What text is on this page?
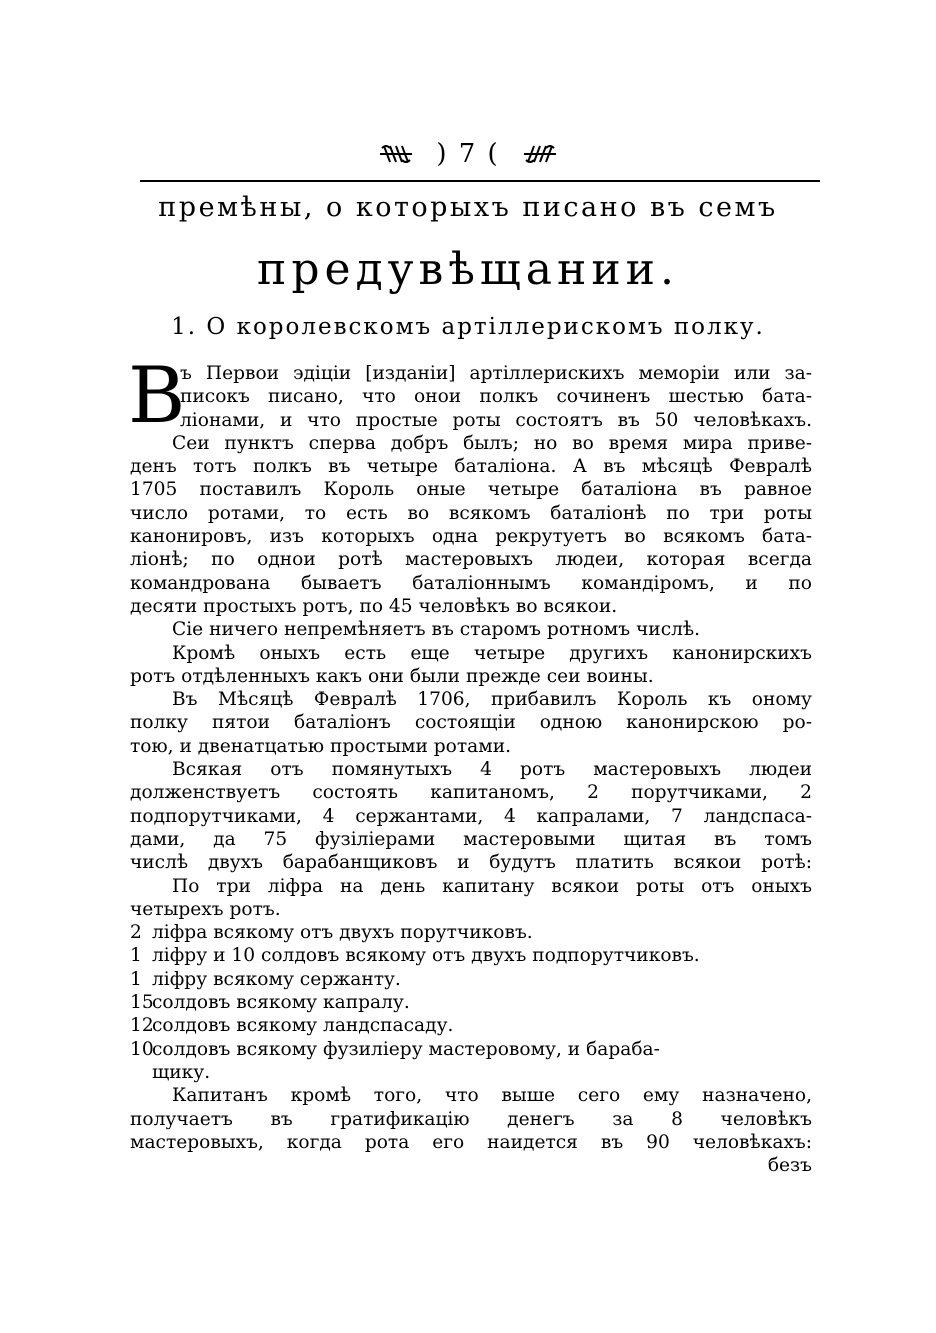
) 7 (
премѣны, о которыхъ писано въ семъ
предувѣщании.
1. О королевскомъ артіллерискомъ полку.
В
ъ Первои эдіціи [изданіи] артіллерискихъ меморіи или за-
писокъ писано, что онои полкъ сочиненъ шестью бата-
ліонами, и что простые роты состоятъ въ 50 человѣкахъ.
Сеи пунктъ сперва добръ былъ; но во время мира приве-
денъ тотъ полкъ въ четыре баталіона. А въ мѣсяцѣ Февралѣ
1705 поставилъ Король оные четыре баталіона въ равное
число ротами, то есть во всякомъ баталіонѣ по три роты
канонировъ, изъ которыхъ одна рекрутуетъ во всякомъ бата-
ліонѣ; по однои ротѣ мастеровыхъ людеи, которая всегда
командрована бываетъ баталіоннымъ командіромъ, и по
десяти простыхъ ротъ, по 45 человѣкъ во всякои.
Сіе ничего непремѣняетъ въ старомъ ротномъ числѣ.
Кромѣ оныхъ есть еще четыре другихъ канонирскихъ
ротъ отдѣленныхъ какъ они были прежде сеи воины.
Въ Мѣсяцѣ Февралѣ 1706, прибавилъ Король къ оному
полку пятои баталіонъ состоящіи одною канонирскою ро-
тою, и двенатцатью простыми ротами.
Всякая отъ помянутыхъ 4 ротъ мастеровыхъ людеи
долженствуетъ состоять капитаномъ, 2 порутчиками, 2
подпорутчиками, 4 сержантами, 4 капралами, 7 ландспаса-
дами, да 75 фузіліерами мастеровыми щитая въ томъ
числѣ двухъ барабанщиковъ и будутъ платить всякои ротѣ:
По три ліфра на день капитану всякои роты отъ оныхъ
четырехъ ротъ.
2 ліфра всякому отъ двухъ порутчиковъ.
1 ліфру и 10 солдовъ всякому отъ двухъ подпорутчиковъ.
1 ліфру всякому сержанту.
15солдовъ всякому капралу.
12солдовъ всякому ландспасаду.
10солдовъ всякому фузиліеру мастеровому, и бараба-
щику.
Капитанъ кромѣ того, что выше сего ему назначено,
получаетъ въ гратификацію денегъ за 8 человѣкъ
мастеровыхъ, когда рота его наидется въ 90 человѣкахъ:
безъ
